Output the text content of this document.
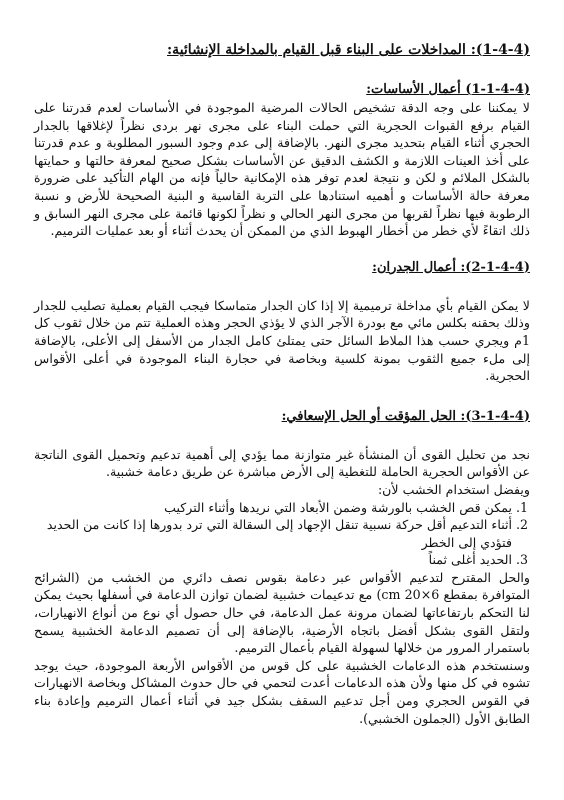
(1-4-4): المداخلات على البناء قبل القيام بالمداخلة الإنشائية:
(1-1-4-4) أعمال الأساسات:

لا يمكننا على وجه الدقة تشخيص الحالات المرضية الموجودة في الأساسات لعدم قدرتنا على القيام برفع القبوات الحجرية التي حملت البناء على مجرى نهر بردى نظراً لإغلاقها بالجدار الحجري أثناء القيام بتحديد مجرى النهر. بالإضافة إلى عدم وجود السبور المطلوبة و عدم قدرتنا على أخذ العينات اللازمة و الكشف الدقيق عن الأساسات بشكل صحيح لمعرفة حالتها و حمايتها بالشكل الملائم و لكن و نتيجة لعدم توفر هذه الإمكانية حالياً فإنه من الهام التأكيد على ضرورة معرفة حالة الأساسات و أهميه استنادها على التربة القاسية و البنية الصحيحة للأرض و نسبة الرطوبة فيها نظراً لقربها من مجرى النهر الحالي و نظراً لكونها قائمة على مجرى النهر السابق و ذلك اتقاءً لأي خطر من أخطار الهبوط الذي من الممكن أن يحدث أثناء أو بعد عمليات الترميم.

(2-1-4-4): أعمال الجدران:

لا يمكن القيام بأي مداخلة ترميمية إلا إذا كان الجدار متماسكا فيجب القيام بعملية تصليب للجدار وذلك بحقنه بكلس مائي مع بودرة الآجر الذي لا يؤذي الحجر وهذه العملية تتم من خلال ثقوب كل 1م ويجري حسب هذا الملاط السائل حتى يمتلئ كامل الجدار من الأسفل إلى الأعلى، بالإضافة إلى ملء جميع الثقوب بمونة كلسية وبخاصة في حجارة البناء الموجودة في أعلى الأقواس الحجرية.

(3-1-4-4): الحل المؤقت أو الحل الإسعافي:

نجد من تحليل القوى أن المنشأة غير متوازنة مما يؤدي إلى أهمية تدعيم وتحميل القوى الناتجة عن الأقواس الحجرية الحاملة للتغطية إلى الأرض مباشرة عن طريق دعامة خشبية.

ويفضل استخدام الخشب لأن:

1. يمكن قص الخشب بالورشة وضمن الأبعاد التي نريدها وأثناء التركيب
2. أثناء التدعيم أقل حركة نسبية تنقل الإجهاد إلى السقالة التي ترد بدورها إذا كانت من الحديد فتؤدي إلى الخطر
3. الحديد أغلى ثمناً

والحل المقترح لتدعيم الأقواس عبر دعامة بقوس نصف دائري من الخشب من (الشرائح المتوافرة بمقطع 6×20 cm) مع تدعيمات خشبية لضمان توازن الدعامة في أسفلها بحيث يمكن لنا التحكم بارتفاعاتها لضمان مرونة عمل الدعامة، في حال حصول أي نوع من أنواع الانهيارات، ولتقل القوى بشكل أفضل باتجاه الأرضية، بالإضافة إلى أن تصميم الدعامة الخشبية يسمح باستمرار المرور من خلالها لسهولة القيام بأعمال الترميم.

وسنستخدم هذه الدعامات الخشبية على كل قوس من الأقواس الأربعة الموجودة، حيث يوجد تشوه في كل منها ولأن هذه الدعامات أعدت لتحمي في حال حدوث المشاكل وبخاصة الانهيارات في القوس الحجري ومن أجل تدعيم السقف بشكل جيد في أثناء أعمال الترميم وإعادة بناء الطابق الأول (الجملون الخشبي).
